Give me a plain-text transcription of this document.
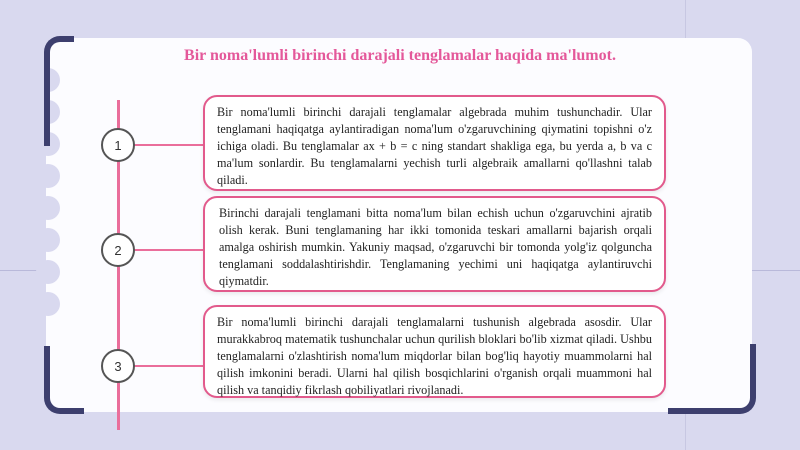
Bir noma'lumli birinchi darajali tenglamalar haqida ma'lumot.
1
2
3
Bir noma'lumli birinchi darajali tenglamalar algebrada muhim tushunchadir. Ular tenglamani haqiqatga aylantiradigan noma'lum o'zgaruvchining qiymatini topishni o'z ichiga oladi. Bu tenglamalar ax + b = c ning standart shakliga ega, bu yerda a, b va c ma'lum sonlardir. Bu tenglamalarni yechish turli algebraik amallarni qo'llashni talab qiladi.
Birinchi darajali tenglamani bitta noma'lum bilan echish uchun o'zgaruvchini ajratib olish kerak. Buni tenglamaning har ikki tomonida teskari amallarni bajarish orqali amalga oshirish mumkin. Yakuniy maqsad, o'zgaruvchi bir tomonda yolg'iz qolguncha tenglamani soddalashtirishdir. Tenglamaning yechimi uni haqiqatga aylantiruvchi qiymatdir.
Bir noma'lumli birinchi darajali tenglamalarni tushunish algebrada asosdir. Ular murakkabroq matematik tushunchalar uchun qurilish bloklari bo'lib xizmat qiladi. Ushbu tenglamalarni o'zlashtirish noma'lum miqdorlar bilan bog'liq hayotiy muammolarni hal qilish imkonini beradi. Ularni hal qilish bosqichlarini o'rganish orqali muammoni hal qilish va tanqidiy fikrlash qobiliyatlari rivojlanadi.
